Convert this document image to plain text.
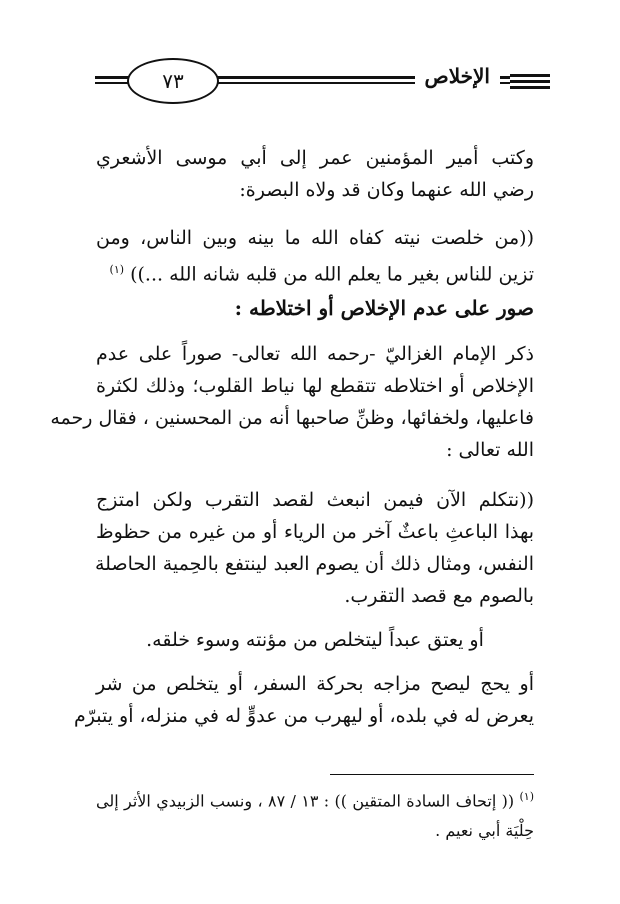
٧٣	الإخلاص
وكتب أمير المؤمنين عمر إلى أبي موسى الأشعري
رضي الله عنهما وكان قد ولاه البصرة:
((من خلصت نيته كفاه الله ما بينه وبين الناس، ومن
تزين للناس بغير ما يعلم الله من قلبه شانه الله ...)) $^{(١)}$
صور على عدم الإخلاص أو اختلاطه :
ذكر الإمام الغزاليّ -رحمه الله تعالى- صوراً على عدم
الإخلاص أو اختلاطه تتقطع لها نياط القلوب؛ وذلك لكثرة
فاعليها، ولخفائها، وظنِّ صاحبها أنه من المحسنين ، فقال رحمه
الله تعالى :
((نتكلم الآن فيمن انبعث لقصد التقرب ولكن امتزج
بهذا الباعثِ باعثٌ آخر من الرياء أو من غيره من حظوظ
النفس، ومثال ذلك أن يصوم العبد لينتفع بالحِمية الحاصلة
بالصوم مع قصد التقرب.
أو يعتق عبداً ليتخلص من مؤنته وسوء خلقه.
أو يحج ليصح مزاجه بحركة السفر، أو يتخلص من شر
يعرض له في بلده، أو ليهرب من عدوٍّ له في منزله، أو يتبرّم
$^{(١)}$ (( إتحاف السادة المتقين )) : ١٣ / ٨٧ ، ونسب الزبيدي الأثر إلى
حِلْيَة أبي نعيم .
